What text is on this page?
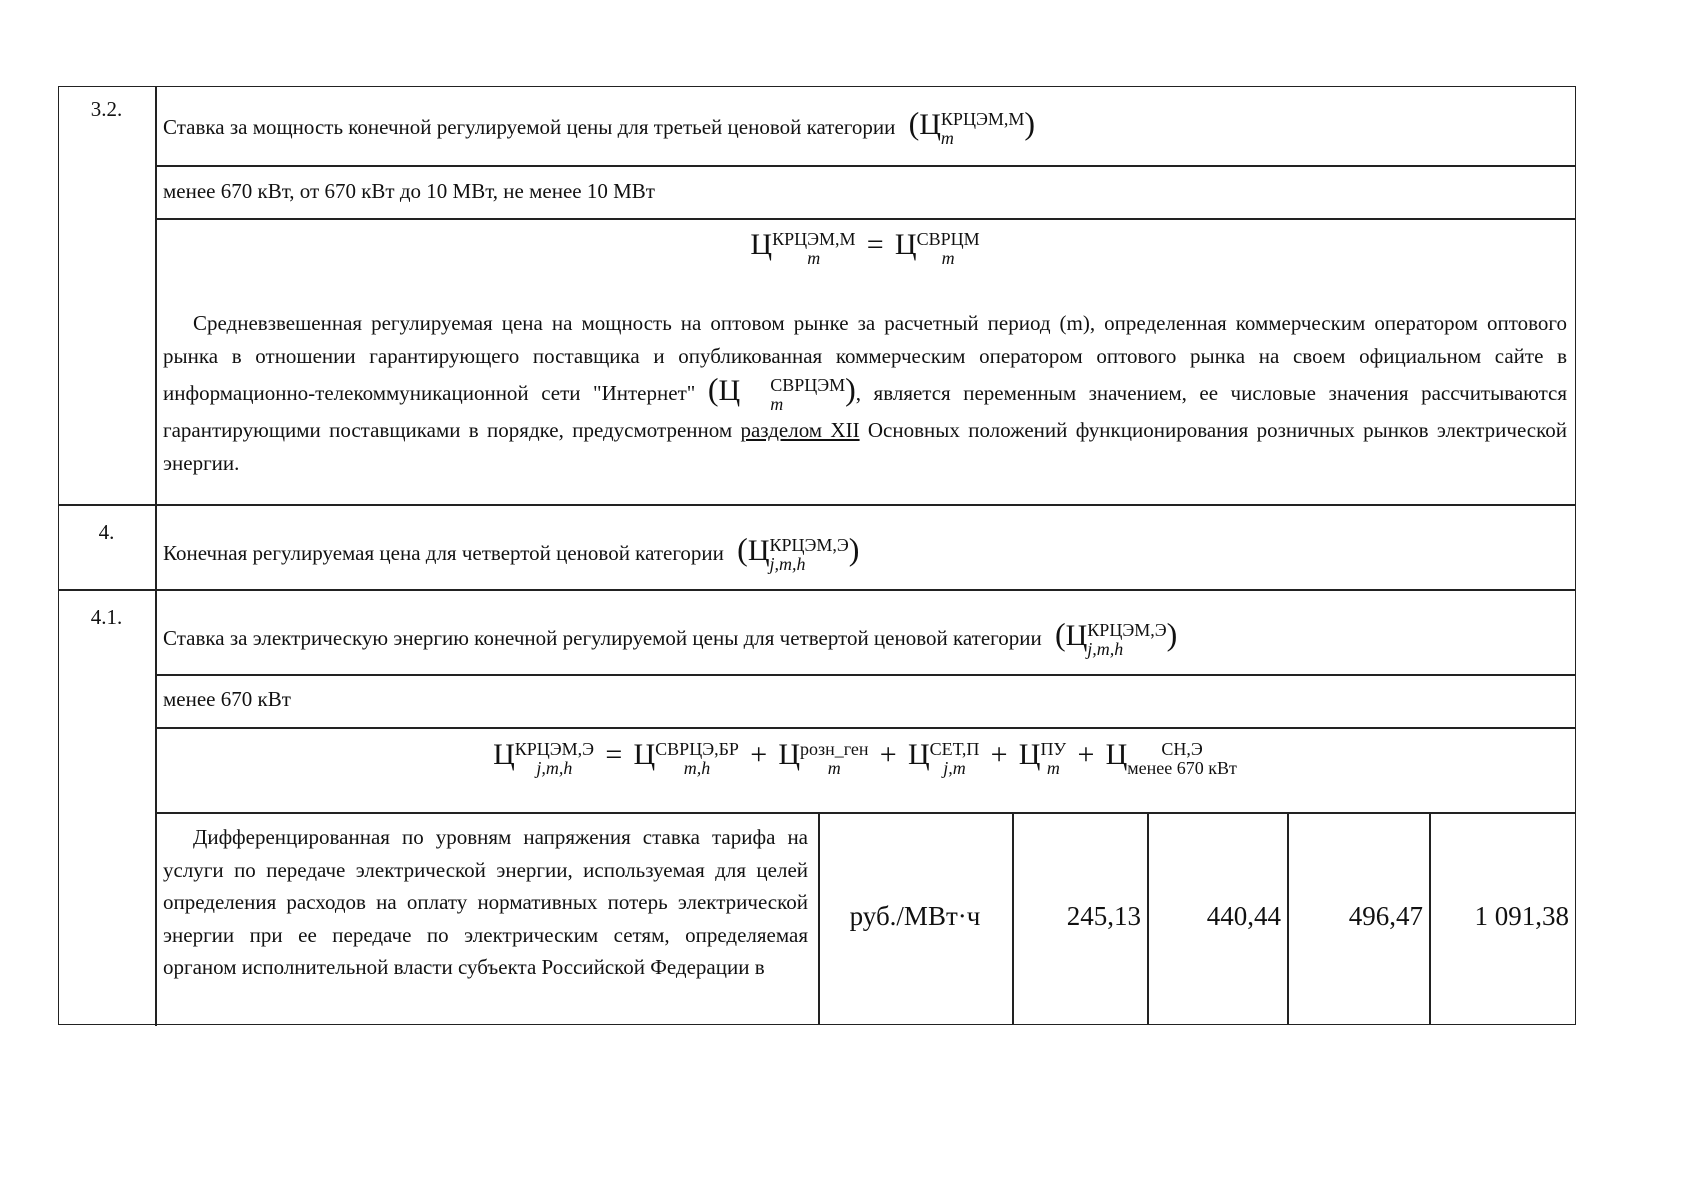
3.2.
Ставка за мощность конечной регулируемой цены для третьей ценовой категории (Ц КРЦЭМ,М
m	)
менее 670 кВт, от 670 кВт до 10 МВт, не менее 10 МВт
Ц КРЦЭМ,М
m	= Ц СВРЦМ
m
Средневзвешенная регулируемая цена на мощность на оптовом рынке за расчетный период (m), определенная коммерческим оператором оптового рынка в отношении гарантирующего поставщика и опубликованная коммерческим оператором оптового рынка на своем официальном сайте в информационно-телекоммуникационной сети "Интернет" (Ц	СВРЦЭМ
m	), является переменным значением, ее числовые значения рассчитываются гарантирующими поставщиками в порядке, предусмотренном разделом XII Основных положений функционирования розничных рынков электрической энергии.
4.
Конечная регулируемая цена для четвертой ценовой категории (Ц КРЦЭМ,Э
j,m,h	)
4.1.
Ставка за электрическую энергию конечной регулируемой цены для четвертой ценовой категории (Ц КРЦЭМ,Э
j,m,h	)
менее 670 кВт
Ц КРЦЭМ,Э
j,m,h	= Ц СВРЦЭ,БР
m,h	+ Ц розн_ген
m	+ Ц СЕТ,П
j,m + Ц ПУ
m + Ц	СН,Э
менее 670 кВт
Дифференцированная по уровням напряжения ставка тарифа на услуги по передаче электрической энергии, используемая для целей определения расходов на оплату нормативных потерь электрической энергии при ее передаче по электрическим сетям, определяемая органом исполнительной власти субъекта Российской Федерации в
руб./МВт·ч	245,13	440,44	496,47	1 091,38
